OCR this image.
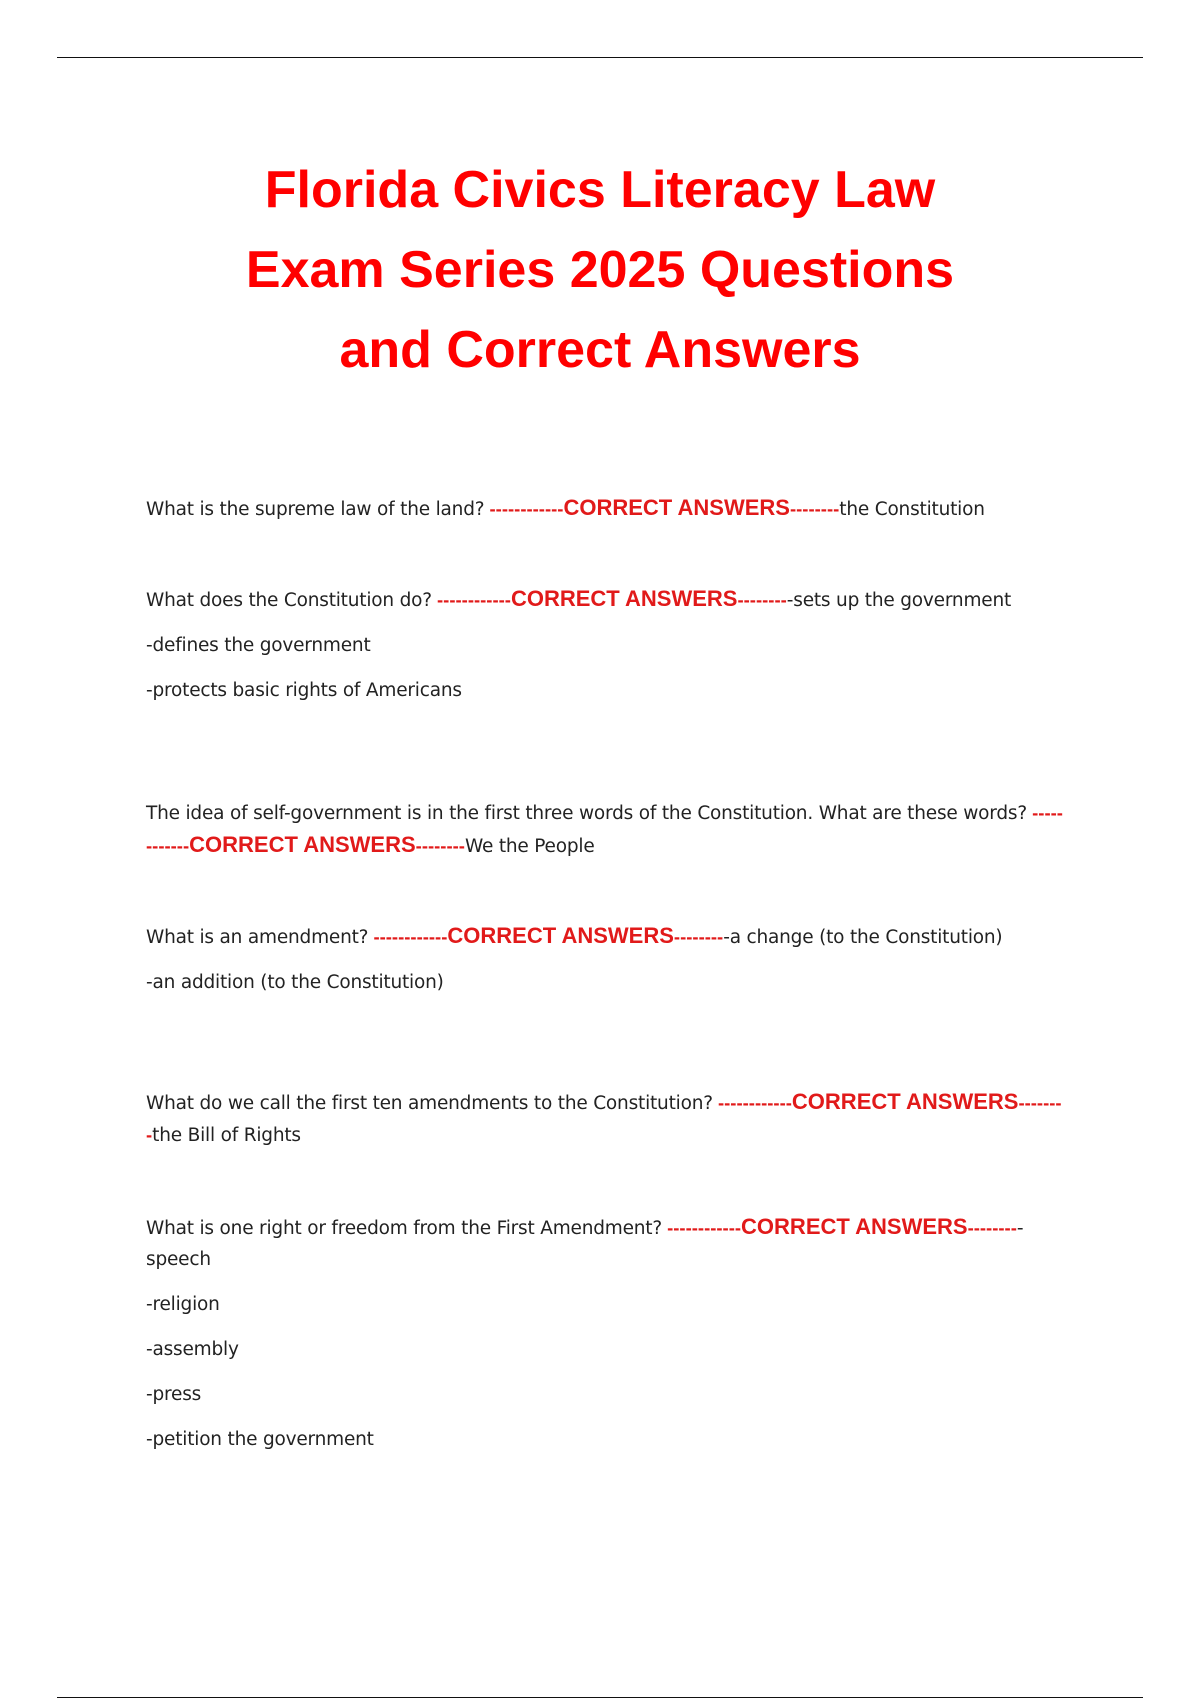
Florida Civics Literacy Law
Exam Series 2025 Questions
and Correct Answers

What is the supreme law of the land? ------------CORRECT ANSWERS--------the Constitution

What does the Constitution do? ------------CORRECT ANSWERS---------sets up the government

-defines the government

-protects basic rights of Americans

The idea of self-government is in the first three words of the Constitution. What are these words? ------------CORRECT ANSWERS--------We the People

What is an amendment? ------------CORRECT ANSWERS---------a change (to the Constitution)

-an addition (to the Constitution)

What do we call the first ten amendments to the Constitution? ------------CORRECT ANSWERS--------the Bill of Rights

What is one right or freedom from the First Amendment? ------------CORRECT ANSWERS---------speech

-religion

-assembly

-press

-petition the government
